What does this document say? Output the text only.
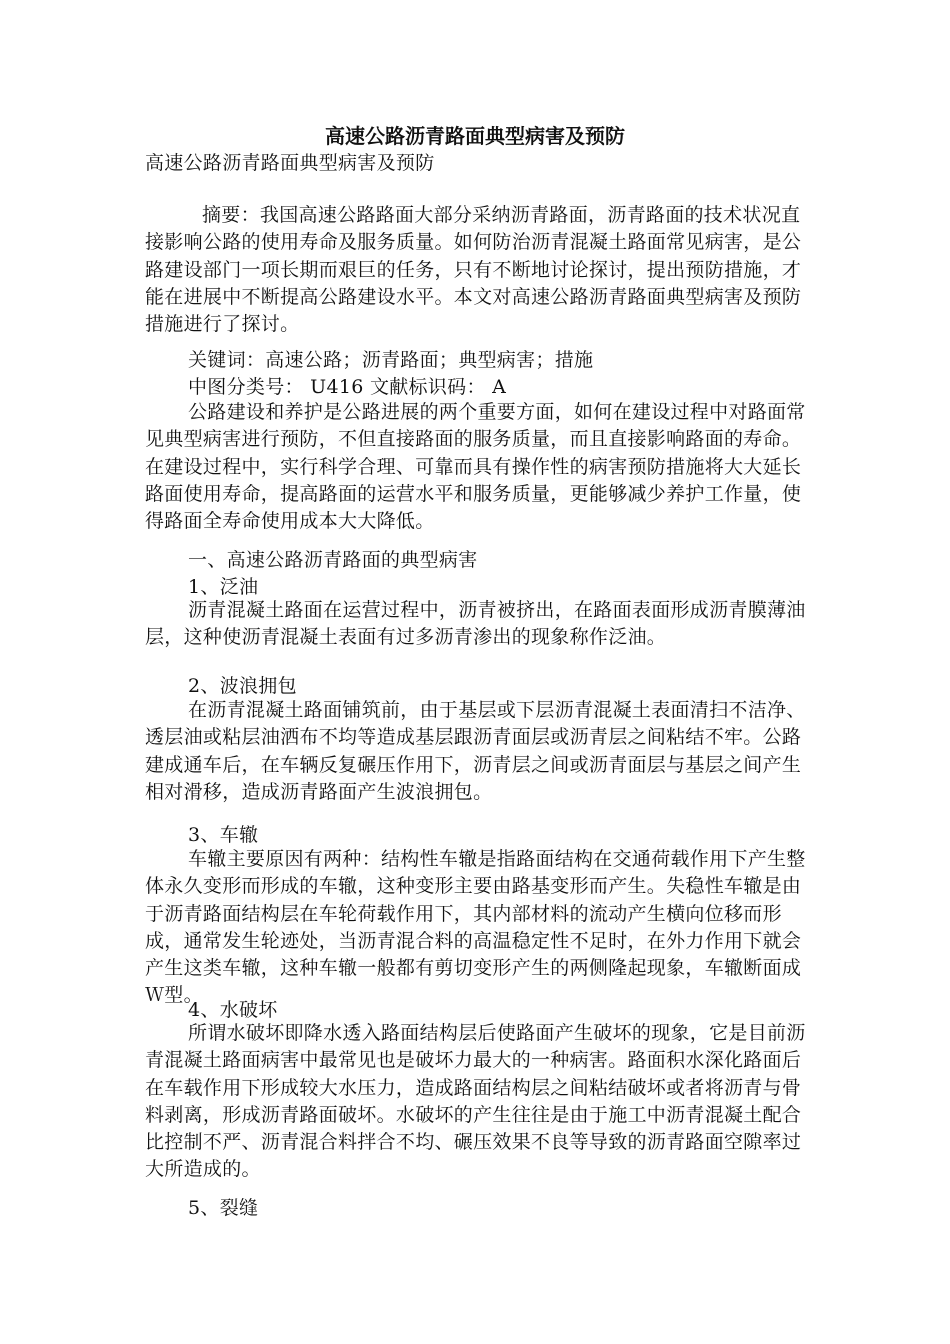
高速公路沥青路面典型病害及预防
高速公路沥青路面典型病害及预防
摘要：我国高速公路路面大部分采纳沥青路面，沥青路面的技术状况直接影响公路的使用寿命及服务质量。如何防治沥青混凝土路面常见病害，是公路建设部门一项长期而艰巨的任务，只有不断地讨论探讨，提出预防措施，才能在进展中不断提高公路建设水平。本文对高速公路沥青路面典型病害及预防措施进行了探讨。
关键词：高速公路；沥青路面；典型病害；措施
中图分类号： U416 文献标识码： A
公路建设和养护是公路进展的两个重要方面，如何在建设过程中对路面常见典型病害进行预防，不但直接路面的服务质量，而且直接影响路面的寿命。在建设过程中，实行科学合理、可靠而具有操作性的病害预防措施将大大延长路面使用寿命，提高路面的运营水平和服务质量，更能够减少养护工作量，使得路面全寿命使用成本大大降低。
一、高速公路沥青路面的典型病害
1、泛油
沥青混凝土路面在运营过程中，沥青被挤出，在路面表面形成沥青膜薄油层，这种使沥青混凝土表面有过多沥青渗出的现象称作泛油。
2、波浪拥包
在沥青混凝土路面铺筑前，由于基层或下层沥青混凝土表面清扫不洁净、透层油或粘层油洒布不均等造成基层跟沥青面层或沥青层之间粘结不牢。公路建成通车后，在车辆反复碾压作用下，沥青层之间或沥青面层与基层之间产生相对滑移，造成沥青路面产生波浪拥包。
3、车辙
车辙主要原因有两种：结构性车辙是指路面结构在交通荷载作用下产生整体永久变形而形成的车辙，这种变形主要由路基变形而产生。失稳性车辙是由于沥青路面结构层在车轮荷载作用下，其内部材料的流动产生横向位移而形成，通常发生轮迹处，当沥青混合料的高温稳定性不足时，在外力作用下就会产生这类车辙，这种车辙一般都有剪切变形产生的两侧隆起现象，车辙断面成Ｗ型。
4、水破坏
所谓水破坏即降水透入路面结构层后使路面产生破坏的现象，它是目前沥青混凝土路面病害中最常见也是破坏力最大的一种病害。路面积水深化路面后在车载作用下形成较大水压力，造成路面结构层之间粘结破坏或者将沥青与骨料剥离，形成沥青路面破坏。水破坏的产生往往是由于施工中沥青混凝土配合比控制不严、沥青混合料拌合不均、碾压效果不良等导致的沥青路面空隙率过大所造成的。
5、裂缝
